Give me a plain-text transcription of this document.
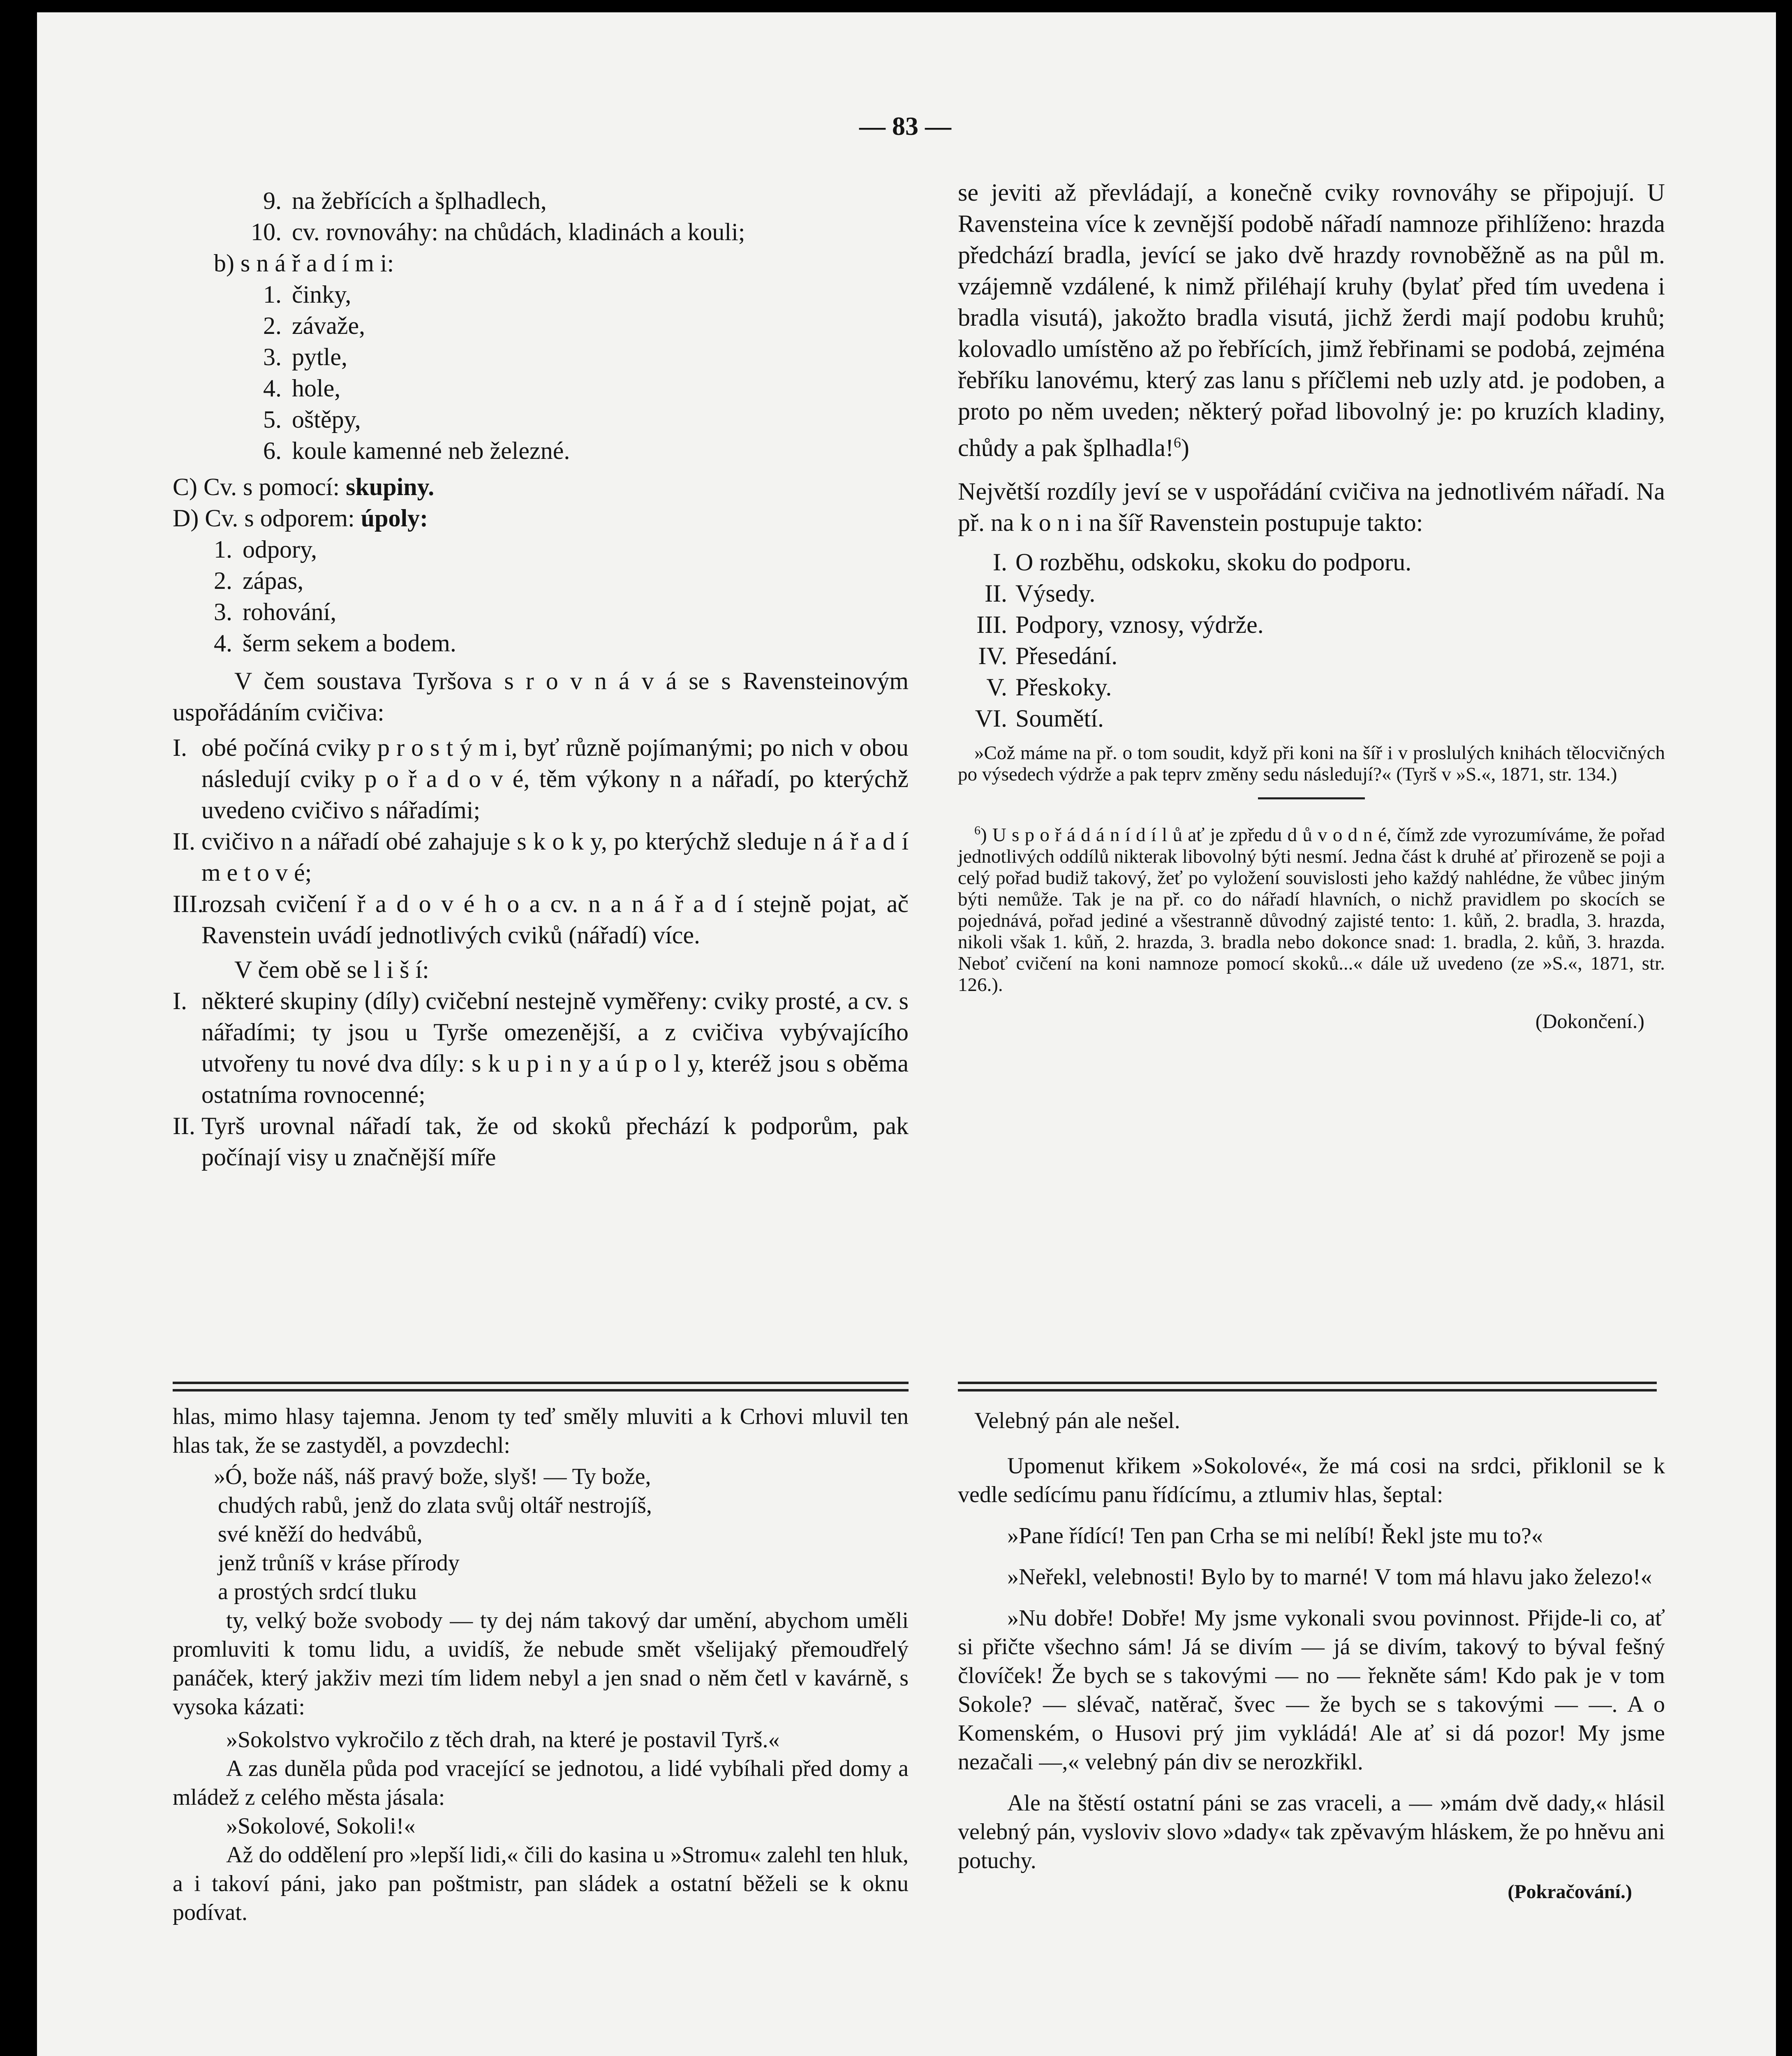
— 83 —

9. na žebřících a šplhadlech,
10. cv. rovnováhy: na chůdách, kladinách a kouli;
b) s n á ř a d í m i:
1. činky,
2. závaže,
3. pytle,
4. hole,
5. oštěpy,
6. koule kamenné neb železné.
C) Cv. s pomocí: skupiny.
D) Cv. s odporem: úpoly:
1. odpory,
2. zápas,
3. rohování,
4. šerm sekem a bodem.

V čem soustava Tyršova s r o v n á v á se s Ravensteinovým uspořádáním cvičiva:

I. obé počíná cviky p r o s t ý m i, byť různě pojímanými; po nich v obou následují cviky p o ř a d o v é, těm výkony n a nářadí, po kterýchž uvedeno cvičivo s nářadími;
II. cvičivo n a nářadí obé zahajuje s k o k y, po kterýchž sleduje n á ř a d í m e t o v é;
III.
rozsah cvičení ř a d o v é h o a cv. n a n á ř a d í stejně pojat, ač Ravenstein uvádí jednotlivých cviků (nářadí) více.

V čem obě se l i š í:

I. některé skupiny (díly) cvičební nestejně vyměřeny: cviky prosté, a cv. s nářadími; ty jsou u Tyrše omezenější, a z cvičiva vybývajícího utvořeny tu nové dva díly: s k u p i n y a ú p o l y, kteréž jsou s oběma ostatníma rovnocenné;
II. Tyrš urovnal nářadí tak, že od skoků přechází k podporům, pak počínají visy u značnější míře

se jeviti až převládají, a konečně cviky rovnováhy se připojují. U Ravensteina více k zevnější podobě nářadí namnoze přihlíženo: hrazda předchází bradla, jevící se jako dvě hrazdy rovnoběžně as na půl m. vzájemně vzdálené, k nimž přiléhají kruhy (bylať před tím uvedena i bradla visutá), jakožto bradla visutá, jichž žerdi mají podobu kruhů; kolovadlo umístěno až po řebřících, jimž řebřinami se podobá, zejména řebříku lanovému, který zas lanu s příčlemi neb uzly atd. je podoben, a proto po něm uveden; některý pořad libovolný je: po kruzích kladiny, chůdy a pak šplhadla!$^6$)

Největší rozdíly jeví se v uspořádání cvičiva na jednotlivém nářadí. Na př. na k o n i na šíř Ravenstein postupuje takto:

I. O rozběhu, odskoku, skoku do podporu.
II. Výsedy.
III. Podpory, vznosy, výdrže.
IV. Přesedání.
V. Přeskoky.
VI. Soumětí.

»Což máme na př. o tom soudit, když při koni na šíř i v proslulých knihách tělocvičných po výsedech výdrže a pak teprv změny sedu následují?« (Tyrš v »S.«, 1871, str. 134.)

$^6$) U s p o ř á d á n í d í l ů ať je zpředu d ů v o d n é, čímž zde vyrozumíváme, že pořad jednotlivých oddílů nikterak libovolný býti nesmí. Jedna část k druhé ať přirozeně se poji a celý pořad budiž takový, žeť po vyložení souvislosti jeho každý nahlédne, že vůbec jiným býti nemůže. Tak je na př. co do nářadí hlavních, o nichž pravidlem po skocích se pojednává, pořad jediné a všestranně důvodný zajisté tento: 1. kůň, 2. bradla, 3. hrazda, nikoli však 1. kůň, 2. hrazda, 3. bradla nebo dokonce snad: 1. bradla, 2. kůň, 3. hrazda. Neboť cvičení na koni namnoze pomocí skoků...« dále už uvedeno (ze »S.«, 1871, str. 126.).

(Dokončení.)

hlas, mimo hlasy tajemna. Jenom ty teď směly mluviti a k Crhovi mluvil ten hlas tak, že se zastyděl, a povzdechl:

»Ó, bože náš, náš pravý bože, slyš! — Ty bože,
chudých rabů, jenž do zlata svůj oltář nestrojíš,
své kněží do hedvábů,
jenž trůníš v kráse přírody
a prostých srdcí tluku

ty, velký bože svobody — ty dej nám takový dar umění, abychom uměli promluviti k tomu lidu, a uvidíš, že nebude smět všelijaký přemoudřelý panáček, který jakživ mezi tím lidem nebyl a jen snad o něm četl v kavárně, s vysoka kázati:

»Sokolstvo vykročilo z těch drah, na které je postavil Tyrš.«

A zas duněla půda pod vracející se jednotou, a lidé vybíhali před domy a mládež z celého města jásala:

»Sokolové, Sokoli!«

Až do oddělení pro »lepší lidi,« čili do kasina u »Stromu« zalehl ten hluk, a i takoví páni, jako pan poštmistr, pan sládek a ostatní běželi se k oknu podívat.

Velebný pán ale nešel.

Upomenut křikem »Sokolové«, že má cosi na srdci, přiklonil se k vedle sedícímu panu řídícímu, a ztlumiv hlas, šeptal:

»Pane řídící! Ten pan Crha se mi nelíbí! Řekl jste mu to?«

»Neřekl, velebnosti! Bylo by to marné! V tom má hlavu jako železo!«

»Nu dobře! Dobře! My jsme vykonali svou povinnost. Přijde-li co, ať si přičte všechno sám! Já se divím — já se divím, takový to býval fešný človíček! Že bych se s takovými — no — řekněte sám! Kdo pak je v tom Sokole? — slévač, natěrač, švec — že bych se s takovými — —. A o Komenském, o Husovi prý jim vykládá! Ale ať si dá pozor! My jsme nezačali —,« velebný pán div se nerozkřikl.

Ale na štěstí ostatní páni se zas vraceli, a — »mám dvě dady,« hlásil velebný pán, vysloviv slovo »dady« tak zpěvavým hláskem, že po hněvu ani potuchy.

(Pokračování.)
